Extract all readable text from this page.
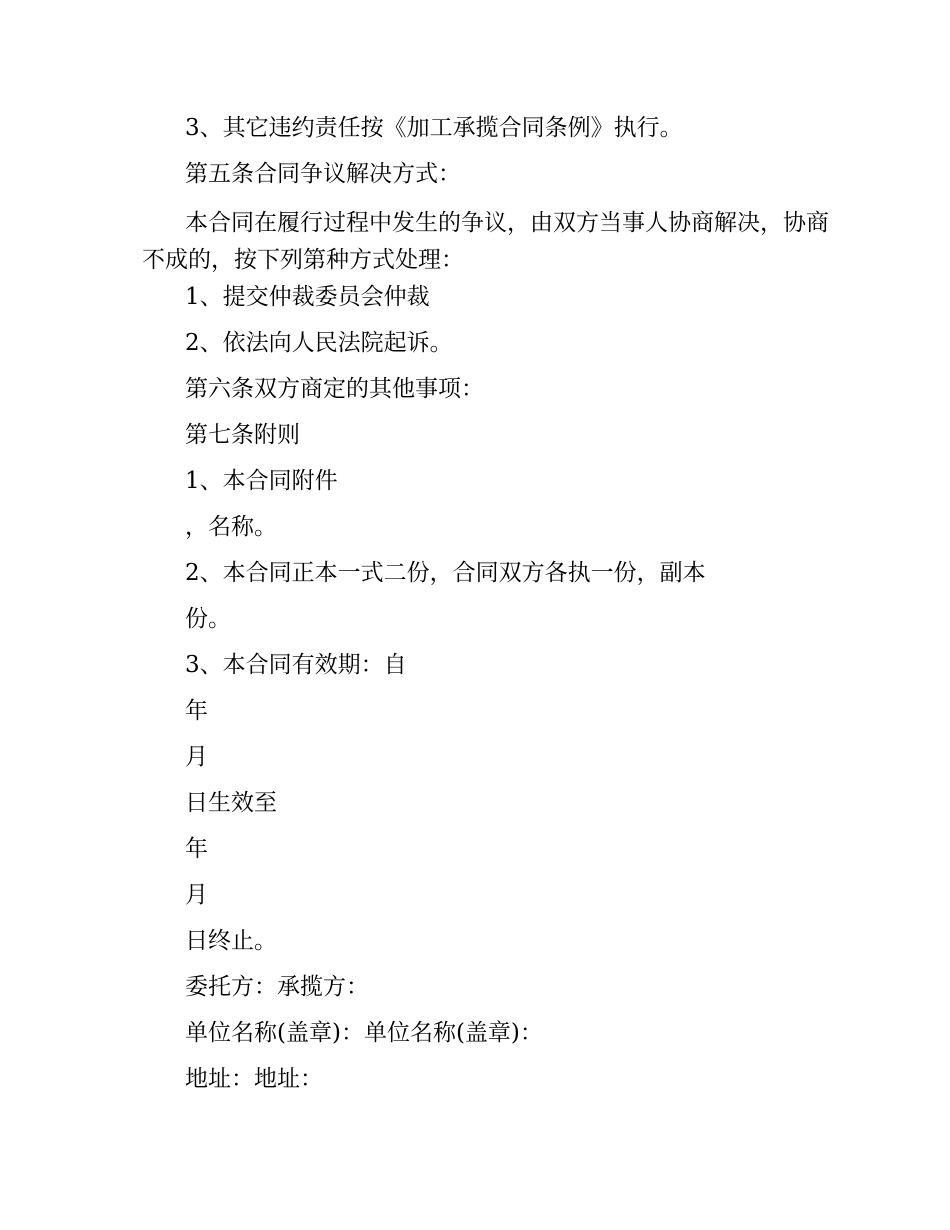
3、其它违约责任按《加工承揽合同条例》执行。
第五条合同争议解决方式：
本合同在履行过程中发生的争议，由双方当事人协商解决，协商不成的，按下列第种方式处理：
1、提交仲裁委员会仲裁
2、依法向人民法院起诉。
第六条双方商定的其他事项：
第七条附则
1、本合同附件
，名称。
2、本合同正本一式二份，合同双方各执一份，副本
份。
3、本合同有效期：自
年
月
日生效至
年
月
日终止。
委托方：承揽方：
单位名称(盖章)：单位名称(盖章)：
地址：地址：
